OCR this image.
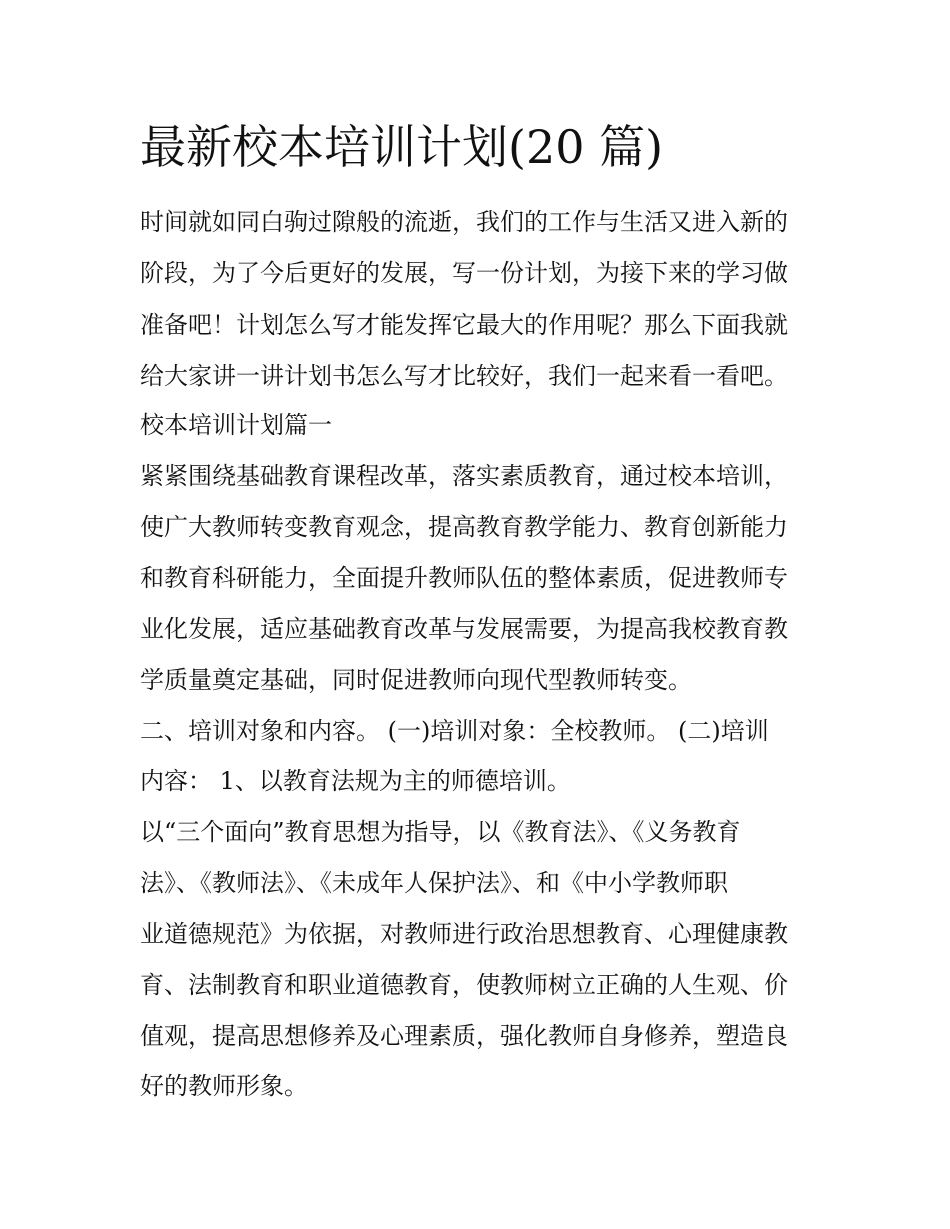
最新校本培训计划(20 篇)

时间就如同白驹过隙般的流逝，我们的工作与生活又进入新的

阶段，为了今后更好的发展，写一份计划，为接下来的学习做

准备吧！计划怎么写才能发挥它最大的作用呢？那么下面我就

给大家讲一讲计划书怎么写才比较好，我们一起来看一看吧。

校本培训计划篇一

紧紧围绕基础教育课程改革，落实素质教育，通过校本培训，

使广大教师转变教育观念，提高教育教学能力、教育创新能力

和教育科研能力，全面提升教师队伍的整体素质，促进教师专

业化发展，适应基础教育改革与发展需要，为提高我校教育教

学质量奠定基础，同时促进教师向现代型教师转变。

二、培训对象和内容。 (一)培训对象：全校教师。 (二)培训

内容： 1、以教育法规为主的师德培训。

以“三个面向”教育思想为指导，以《教育法》、《义务教育

法》、《教师法》、《未成年人保护法》、和《中小学教师职

业道德规范》为依据，对教师进行政治思想教育、心理健康教

育、法制教育和职业道德教育，使教师树立正确的人生观、价

值观，提高思想修养及心理素质，强化教师自身修养，塑造良

好的教师形象。
